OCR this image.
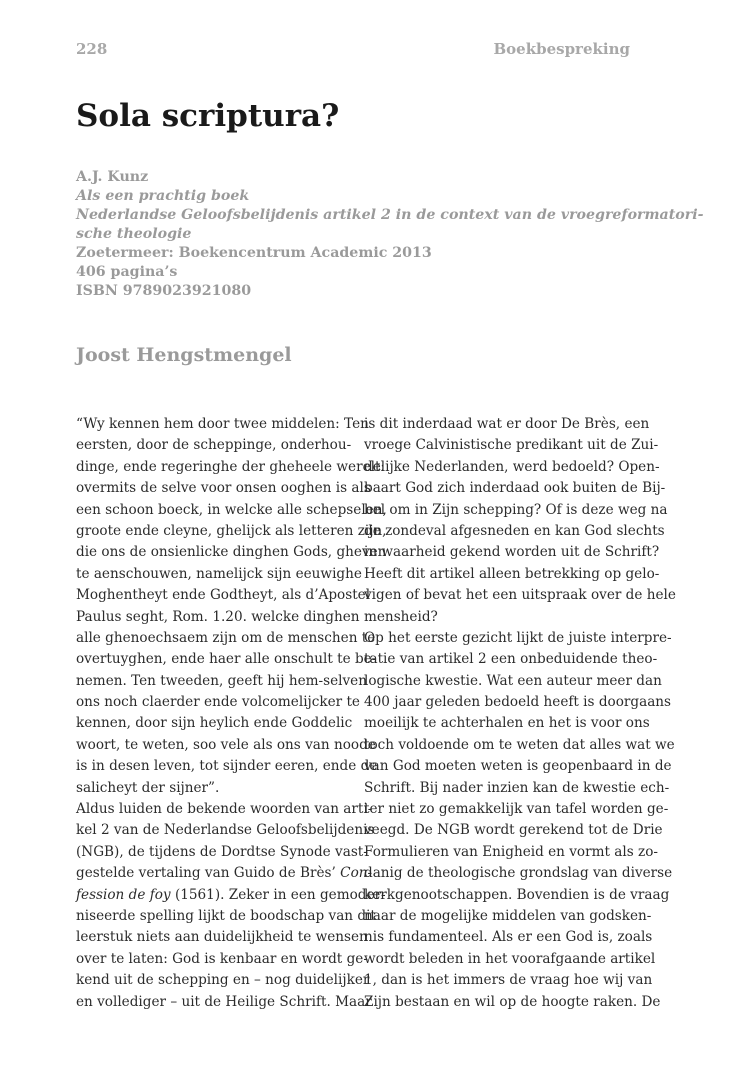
228	Boekbespreking
Sola scriptura?
A.J. Kunz
Als een prachtig boek
Nederlandse Geloofsbelijdenis artikel 2 in de context van de vroegreformatori-
sche theologie
Zoetermeer: Boekencentrum Academic 2013
406 pagina’s
ISBN 9789023921080
Joost Hengstmengel
“Wy kennen hem door twee middelen: Ten
eersten, door de scheppinge, onderhou-
dinge, ende regeringhe der gheheele werelt:
overmits de selve voor onsen ooghen is als
een schoon boeck, in welcke alle schepselen,
groote ende cleyne, ghelijck als letteren zijn,
die ons de onsienlicke dinghen Gods, gheven
te aenschouwen, namelijck sijn eeuwighe
Moghentheyt ende Godtheyt, als d’Apostel
Paulus seght, Rom. 1.20. welcke dinghen
alle ghenoechsaem zijn om de menschen te
overtuyghen, ende haer alle onschult te be-
nemen. Ten tweeden, geeft hij hem-selven
ons noch claerder ende volcomelijcker te
kennen, door sijn heylich ende Goddelic
woort, te weten, soo vele als ons van noode
is in desen leven, tot sijnder eeren, ende de
salicheyt der sijner”.
Aldus luiden de bekende woorden van arti-
kel 2 van de Nederlandse Geloofsbelijdenis
(NGB), de tijdens de Dordtse Synode vast-
gestelde vertaling van Guido de Brès’ Con-
fession de foy (1561). Zeker in een gemoder-
niseerde spelling lijkt de boodschap van dit
leerstuk niets aan duidelijkheid te wensen
over te laten: God is kenbaar en wordt ge-
kend uit de schepping en – nog duidelijker
en vollediger – uit de Heilige Schrift. Maar
is dit inderdaad wat er door De Brès, een
vroege Calvinistische predikant uit de Zui-
delijke Nederlanden, werd bedoeld? Open-
baart God zich inderdaad ook buiten de Bij-
bel om in Zijn schepping? Of is deze weg na
de zondeval afgesneden en kan God slechts
in waarheid gekend worden uit de Schrift?
Heeft dit artikel alleen betrekking op gelo-
vigen of bevat het een uitspraak over de hele
mensheid?
Op het eerste gezicht lijkt de juiste interpre-
tatie van artikel 2 een onbeduidende theo-
logische kwestie. Wat een auteur meer dan
400 jaar geleden bedoeld heeft is doorgaans
moeilijk te achterhalen en het is voor ons
toch voldoende om te weten dat alles wat we
van God moeten weten is geopenbaard in de
Schrift. Bij nader inzien kan de kwestie ech-
ter niet zo gemakkelijk van tafel worden ge-
veegd. De NGB wordt gerekend tot de Drie
Formulieren van Enigheid en vormt als zo-
danig de theologische grondslag van diverse
kerkgenootschappen. Bovendien is de vraag
naar de mogelijke middelen van godsken-
nis fundamenteel. Als er een God is, zoals
wordt beleden in het voorafgaande artikel
1, dan is het immers de vraag hoe wij van
Zijn bestaan en wil op de hoogte raken. De
